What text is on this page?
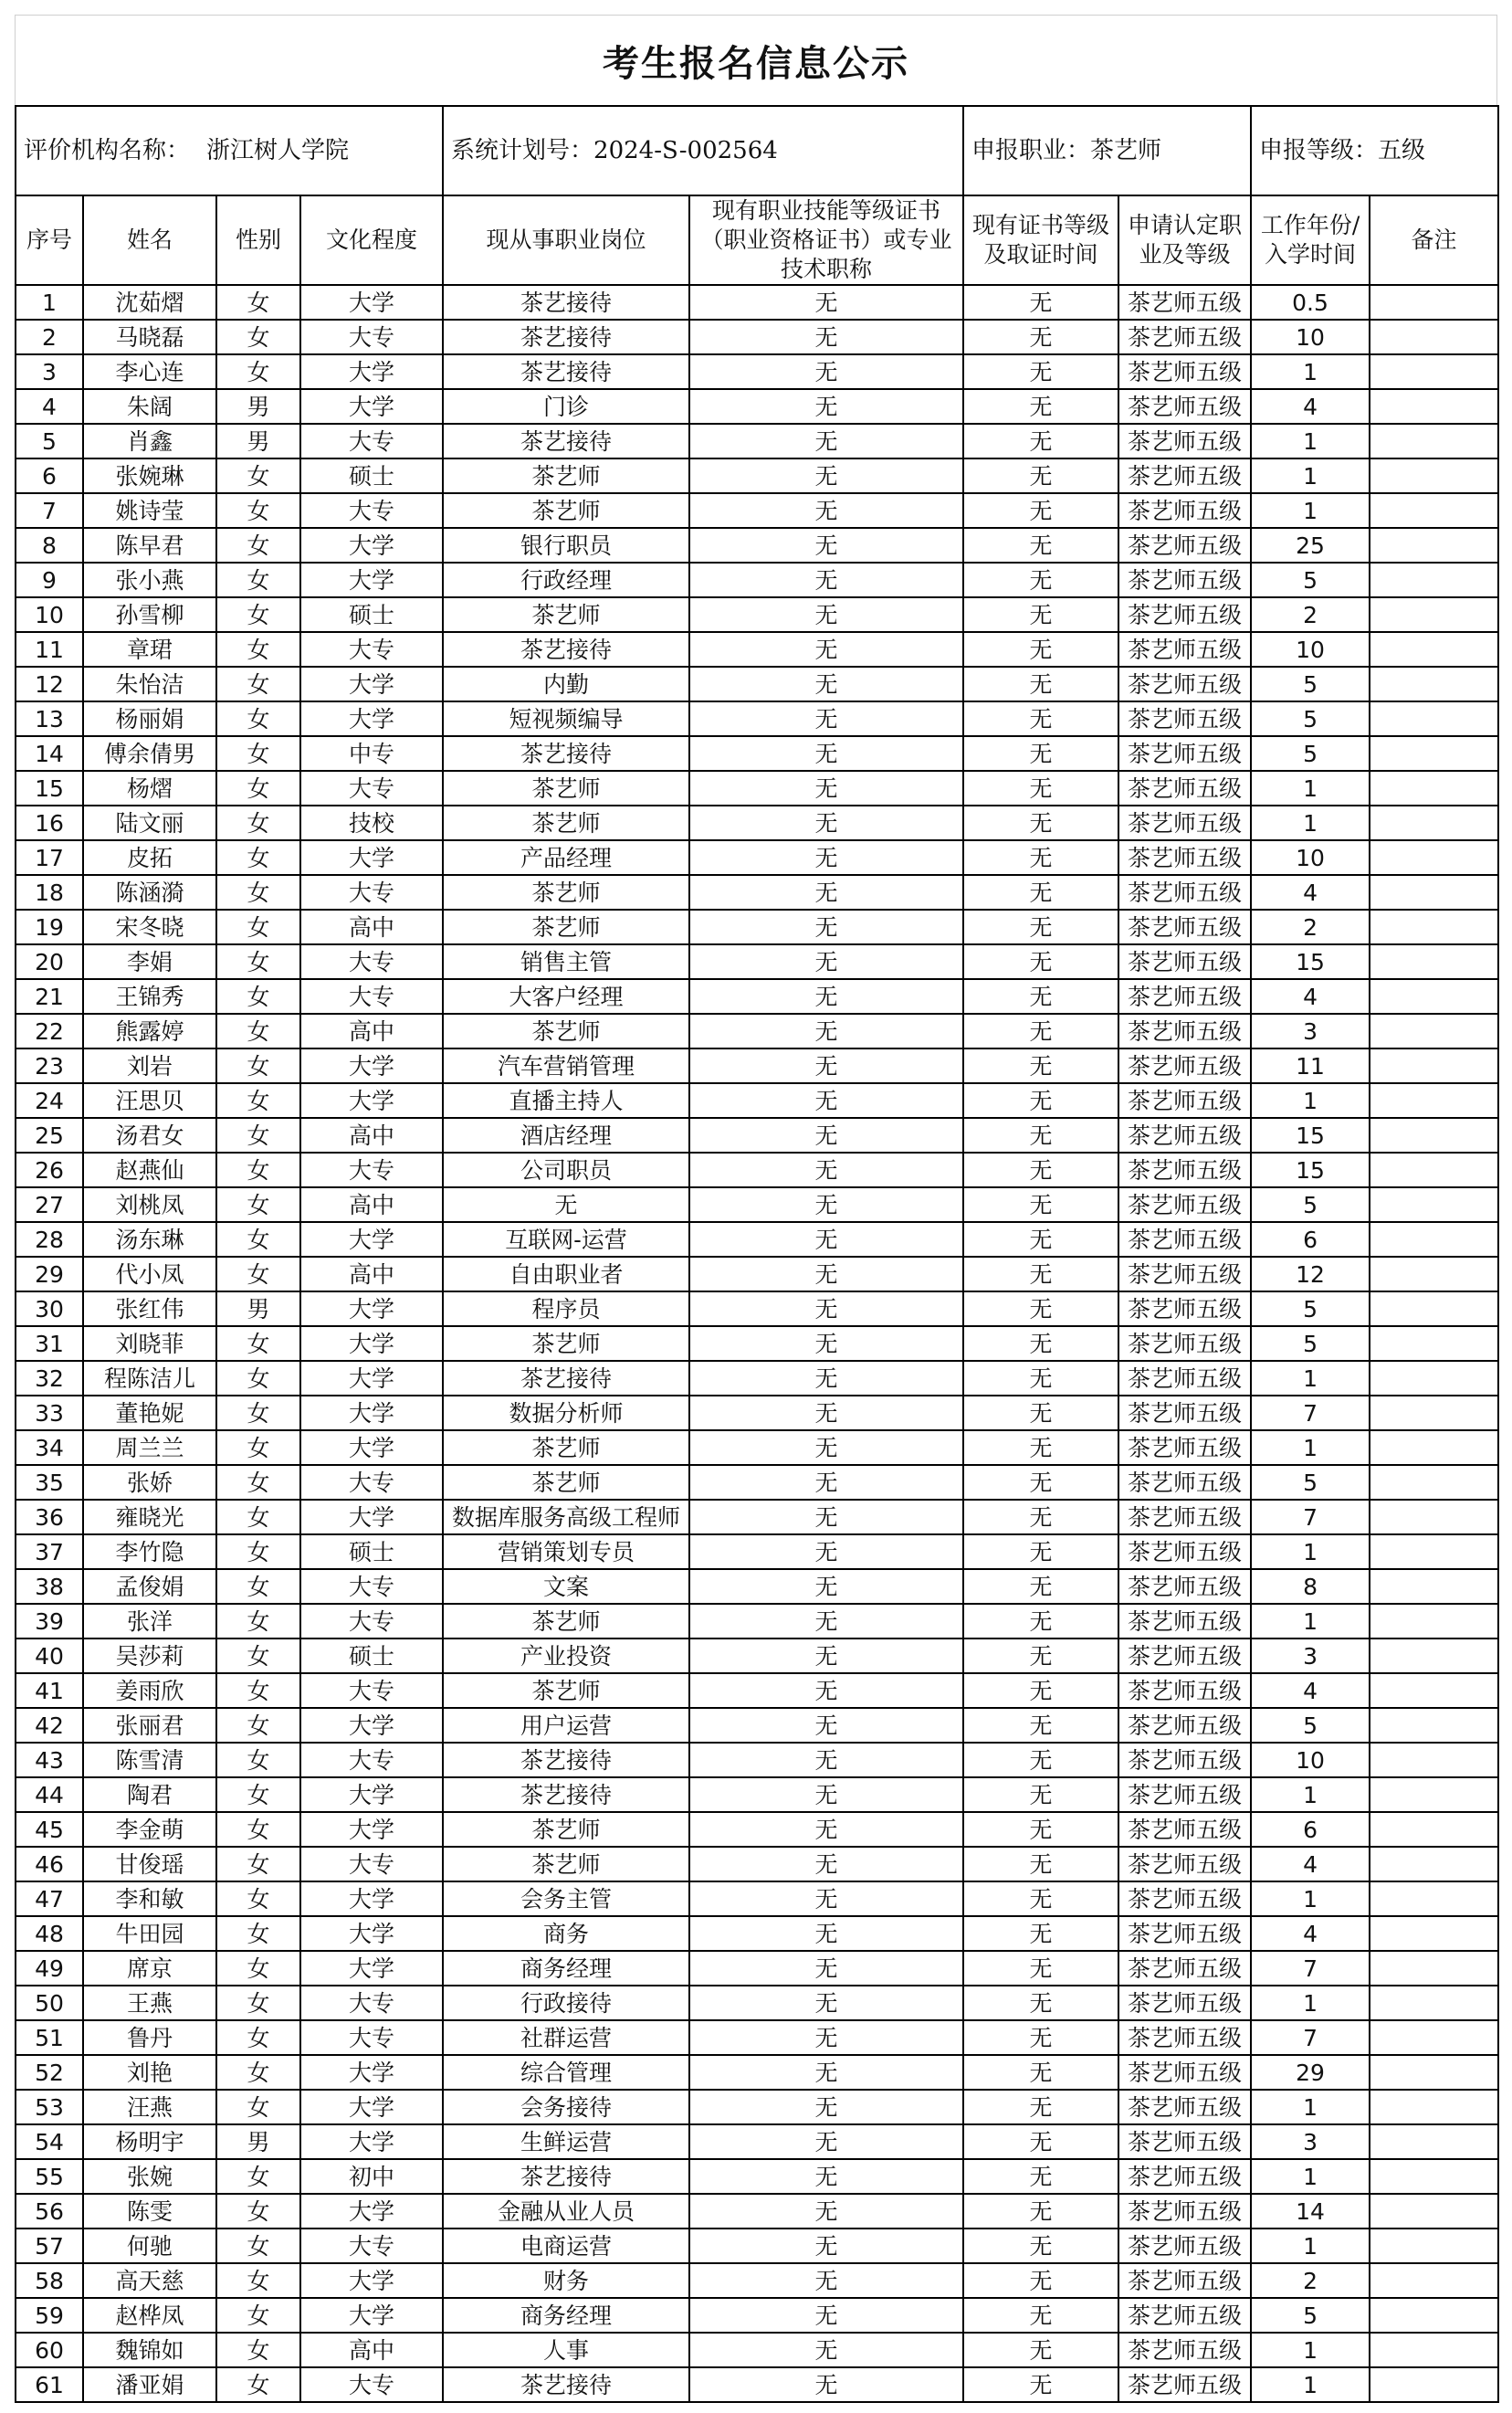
考生报名信息公示
评价机构名称： 浙江树人学院				系统计划号：2024-S-002564		申报职业：茶艺师		申报等级：五级	
序号	姓名	性别	文化程度	现从事职业岗位	现有职业技能等级证书（职业资格证书）或专业技术职称	现有证书等级及取证时间	申请认定职业及等级	工作年份/入学时间	备注
1	沈茹熠	女	大学	茶艺接待	无	无	茶艺师五级	0.5	
2	马晓磊	女	大专	茶艺接待	无	无	茶艺师五级	10	
3	李心连	女	大学	茶艺接待	无	无	茶艺师五级	1	
4	朱阔	男	大学	门诊	无	无	茶艺师五级	4	
5	肖鑫	男	大专	茶艺接待	无	无	茶艺师五级	1	
6	张婉琳	女	硕士	茶艺师	无	无	茶艺师五级	1	
7	姚诗莹	女	大专	茶艺师	无	无	茶艺师五级	1	
8	陈早君	女	大学	银行职员	无	无	茶艺师五级	25	
9	张小燕	女	大学	行政经理	无	无	茶艺师五级	5	
10	孙雪柳	女	硕士	茶艺师	无	无	茶艺师五级	2	
11	章珺	女	大专	茶艺接待	无	无	茶艺师五级	10	
12	朱怡洁	女	大学	内勤	无	无	茶艺师五级	5	
13	杨丽娟	女	大学	短视频编导	无	无	茶艺师五级	5	
14	傅余倩男	女	中专	茶艺接待	无	无	茶艺师五级	5	
15	杨熠	女	大专	茶艺师	无	无	茶艺师五级	1	
16	陆文丽	女	技校	茶艺师	无	无	茶艺师五级	1	
17	皮拓	女	大学	产品经理	无	无	茶艺师五级	10	
18	陈涵漪	女	大专	茶艺师	无	无	茶艺师五级	4	
19	宋冬晓	女	高中	茶艺师	无	无	茶艺师五级	2	
20	李娟	女	大专	销售主管	无	无	茶艺师五级	15	
21	王锦秀	女	大专	大客户经理	无	无	茶艺师五级	4	
22	熊露婷	女	高中	茶艺师	无	无	茶艺师五级	3	
23	刘岩	女	大学	汽车营销管理	无	无	茶艺师五级	11	
24	汪思贝	女	大学	直播主持人	无	无	茶艺师五级	1	
25	汤君女	女	高中	酒店经理	无	无	茶艺师五级	15	
26	赵燕仙	女	大专	公司职员	无	无	茶艺师五级	15	
27	刘桃凤	女	高中	无	无	无	茶艺师五级	5	
28	汤东琳	女	大学	互联网-运营	无	无	茶艺师五级	6	
29	代小凤	女	高中	自由职业者	无	无	茶艺师五级	12	
30	张红伟	男	大学	程序员	无	无	茶艺师五级	5	
31	刘晓菲	女	大学	茶艺师	无	无	茶艺师五级	5	
32	程陈洁儿	女	大学	茶艺接待	无	无	茶艺师五级	1	
33	董艳妮	女	大学	数据分析师	无	无	茶艺师五级	7	
34	周兰兰	女	大学	茶艺师	无	无	茶艺师五级	1	
35	张娇	女	大专	茶艺师	无	无	茶艺师五级	5	
36	雍晓光	女	大学	数据库服务高级工程师	无	无	茶艺师五级	7	
37	李竹隐	女	硕士	营销策划专员	无	无	茶艺师五级	1	
38	孟俊娟	女	大专	文案	无	无	茶艺师五级	8	
39	张洋	女	大专	茶艺师	无	无	茶艺师五级	1	
40	吴莎莉	女	硕士	产业投资	无	无	茶艺师五级	3	
41	姜雨欣	女	大专	茶艺师	无	无	茶艺师五级	4	
42	张丽君	女	大学	用户运营	无	无	茶艺师五级	5	
43	陈雪清	女	大专	茶艺接待	无	无	茶艺师五级	10	
44	陶君	女	大学	茶艺接待	无	无	茶艺师五级	1	
45	李金萌	女	大学	茶艺师	无	无	茶艺师五级	6	
46	甘俊瑶	女	大专	茶艺师	无	无	茶艺师五级	4	
47	李和敏	女	大学	会务主管	无	无	茶艺师五级	1	
48	牛田园	女	大学	商务	无	无	茶艺师五级	4	
49	席京	女	大学	商务经理	无	无	茶艺师五级	7	
50	王燕	女	大专	行政接待	无	无	茶艺师五级	1	
51	鲁丹	女	大专	社群运营	无	无	茶艺师五级	7	
52	刘艳	女	大学	综合管理	无	无	茶艺师五级	29	
53	汪燕	女	大学	会务接待	无	无	茶艺师五级	1	
54	杨明宇	男	大学	生鲜运营	无	无	茶艺师五级	3	
55	张婉	女	初中	茶艺接待	无	无	茶艺师五级	1	
56	陈雯	女	大学	金融从业人员	无	无	茶艺师五级	14	
57	何驰	女	大专	电商运营	无	无	茶艺师五级	1	
58	高天慈	女	大学	财务	无	无	茶艺师五级	2	
59	赵桦凤	女	大学	商务经理	无	无	茶艺师五级	5	
60	魏锦如	女	高中	人事	无	无	茶艺师五级	1	
61	潘亚娟	女	大专	茶艺接待	无	无	茶艺师五级	1	
